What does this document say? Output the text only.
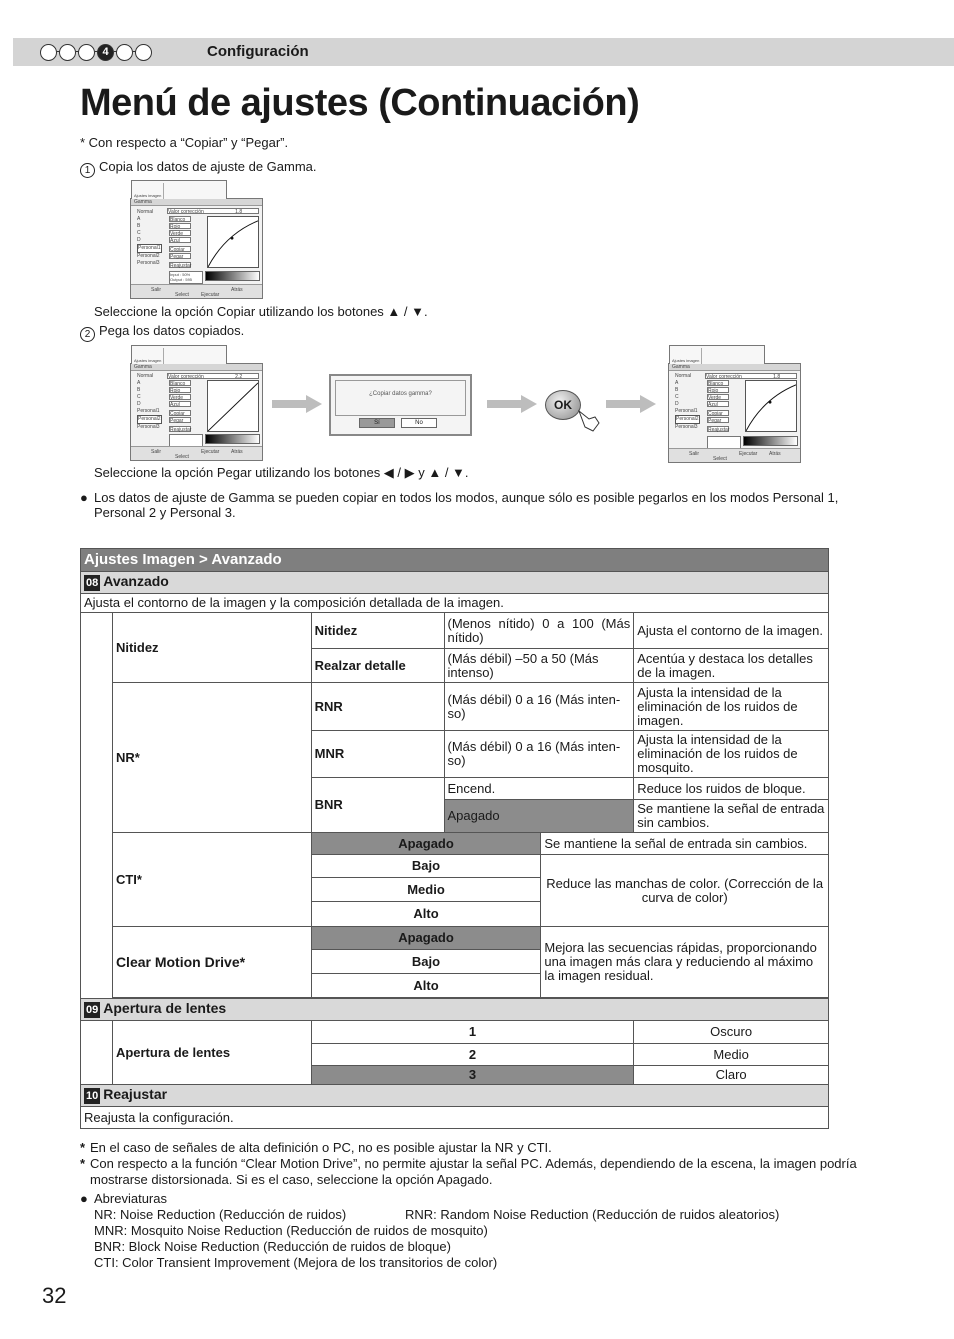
4	Configuración
Menú de ajustes (Continuación)
* Con respecto a “Copiar” y “Pegar”.
1 Copia los datos de ajuste de Gamma.
Ajustes imagen
Gamma
Normal
A
B
C
D
Personal1
Personal2
Personal3
Valor corrección	1.8
Blanco
Rojo
Verde
Azul
Copiar
Pegar
Reajustar
Input : 50% Output : 595
Salir
Select Ejecutar
Atrás
Seleccione la opción Copiar utilizando los botones ▲ / ▼.
2 Pega los datos copiados.
Ajustes imagen
Gamma
Normal
A
B
C
D
Personal1
Personal2
Personal3
Valor corrección	2.2
Blanco
Rojo
Verde
Azul
Copiar
Pegar
Reajustar
Salir
Select
Ejecutar Atrás
¿Copiar datos gamma?
Sí	No
OK
Ajustes imagen
Gamma
Normal
A
B
C
D
Personal1
Personal2
Personal3
Valor corrección	1.8
Blanco
Rojo
Verde
Azul
Copiar
Pegar
Reajustar
Salir
Select
Ejecutar Atrás
Seleccione la opción Pegar utilizando los botones ◀ / ▶ y ▲ / ▼.
● Los datos de ajuste de Gamma se pueden copiar en todos los modos, aunque sólo es posible pegarlos en los modos Personal 1, Personal 2 y Personal 3.
Ajustes Imagen > Avanzado					
08 Avanzado					
Ajusta el contorno de la imagen y la composición detallada de la imagen.					
	Nitidez	Nitidez	(Menos nítido) 0 a 100 (Más nítido)		Ajusta el contorno de la imagen.
		Realzar detalle	(Más débil) –50 a 50 (Más intenso)		Acentúa y destaca los detalles de la imagen.
	NR*	RNR	(Más débil) 0 a 16 (Más inten-so)		Ajusta la intensidad de la eliminación de los ruidos de imagen.
		MNR	(Más débil) 0 a 16 (Más inten-so)		Ajusta la intensidad de la eliminación de los ruidos de mosquito.
		BNR	Encend.		Reduce los ruidos de bloque.
			Apagado		Se mantiene la señal de entrada sin cambios.
	CTI*	Apagado		Se mantiene la señal de entrada sin cambios.	
		Bajo		Reduce las manchas de color. (Corrección de la curva de color)	
		Medio			
		Alto			
	Clear Motion Drive*	Apagado		Mejora las secuencias rápidas, proporcionando una imagen más clara y reduciendo al máximo la imagen residual.	
		Bajo			
		Alto			

09 Apertura de lentes					
	Apertura de lentes	1			Oscuro
		2			Medio
		3			Claro
10 Reajustar					
Reajusta la configuración.					
* En el caso de señales de alta definición o PC, no es posible ajustar la NR y CTI.
* Con respecto a la función “Clear Motion Drive”, no permite ajustar la señal PC. Además, dependiendo de la escena, la imagen podría mostrarse distorsionada. Si es el caso, seleccione la opción Apagado.
● Abreviaturas
NR: Noise Reduction (Reducción de ruidos)	RNR: Random Noise Reduction (Reducción de ruidos aleatorios)
MNR: Mosquito Noise Reduction (Reducción de ruidos de mosquito)
BNR: Block Noise Reduction (Reducción de ruidos de bloque)
CTI: Color Transient Improvement (Mejora de los transitorios de color)
32
